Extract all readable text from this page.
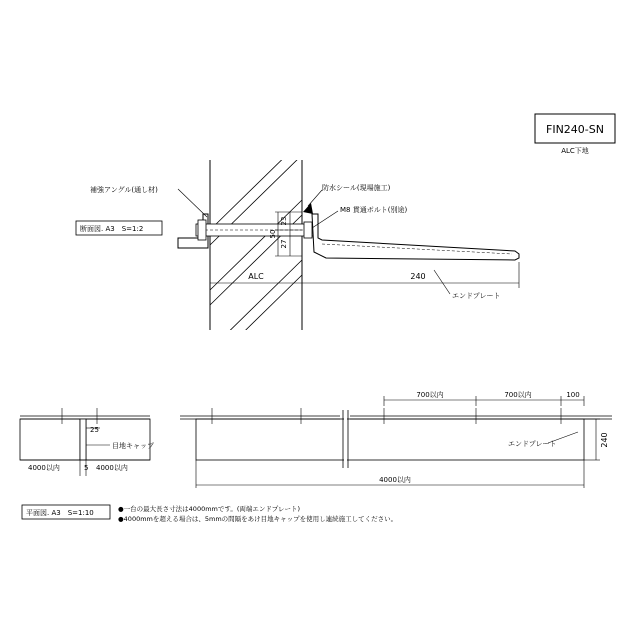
FIN240-SN
ALC下地
23
27
50
ALC	240
補強アングル(通し材)	防水シール(現場施工)
M8 貫通ボルト(別途)
エンドプレート
断面図. A3　S=1:2
25
目地キャップ
4000以内	5 4000以内
700以内	700以内	100
240
エンドプレート
4000以内
平面図. A3　S=1:10	●一台の最大長さ寸法は4000mmです。(両端エンドプレート)
●4000mmを超える場合は、5mmの間隔をあけ目地キャップを使用し連続施工してください。
